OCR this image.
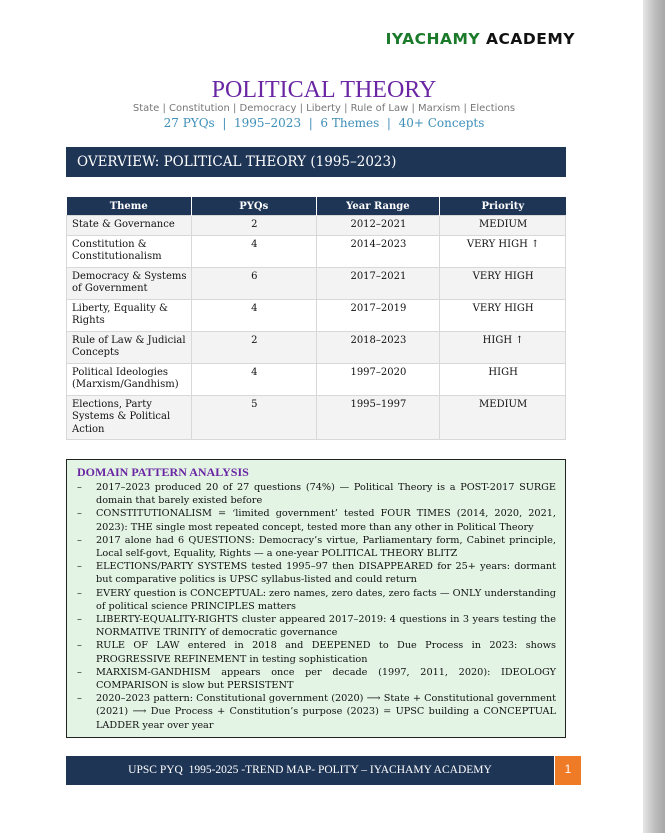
IYACHAMY ACADEMY
POLITICAL THEORY
State | Constitution | Democracy | Liberty | Rule of Law | Marxism | Elections
27 PYQs  |  1995–2023  |  6 Themes  |  40+ Concepts
OVERVIEW: POLITICAL THEORY (1995–2023)
Theme	PYQs	Year Range	Priority
State & Governance	2	2012–2021	MEDIUM
Constitution & Constitutionalism	4	2014–2023	VERY HIGH ↑
Democracy & Systems of Government	6	2017–2021	VERY HIGH
Liberty, Equality & Rights	4	2017–2019	VERY HIGH
Rule of Law & Judicial Concepts	2	2018–2023	HIGH ↑
Political Ideologies (Marxism/Gandhism)	4	1997–2020	HIGH
Elections, Party Systems & Political Action	5	1995–1997	MEDIUM
DOMAIN PATTERN ANALYSIS
– 2017–2023 produced 20 of 27 questions (74%) — Political Theory is a POST-2017 SURGE domain that barely existed before
– CONSTITUTIONALISM = ‘limited government’ tested FOUR TIMES (2014, 2020, 2021, 2023): THE single most repeated concept, tested more than any other in Political Theory
– 2017 alone had 6 QUESTIONS: Democracy’s virtue, Parliamentary form, Cabinet principle, Local self-govt, Equality, Rights — a one-year POLITICAL THEORY BLITZ
– ELECTIONS/PARTY SYSTEMS tested 1995–97 then DISAPPEARED for 25+ years: dormant but comparative politics is UPSC syllabus-listed and could return
– EVERY question is CONCEPTUAL: zero names, zero dates, zero facts — ONLY understanding of political science PRINCIPLES matters
– LIBERTY-EQUALITY-RIGHTS cluster appeared 2017–2019: 4 questions in 3 years testing the NORMATIVE TRINITY of democratic governance
– RULE OF LAW entered in 2018 and DEEPENED to Due Process in 2023: shows PROGRESSIVE REFINEMENT in testing sophistication
– MARXISM-GANDHISM appears once per decade (1997, 2011, 2020): IDEOLOGY COMPARISON is slow but PERSISTENT
– 2020–2023 pattern: Constitutional government (2020) ⟶ State + Constitutional government (2021) ⟶ Due Process + Constitution’s purpose (2023) = UPSC building a CONCEPTUAL LADDER year over year
UPSC PYQ  1995-2025 -TREND MAP- POLITY – IYACHAMY ACADEMY	1
